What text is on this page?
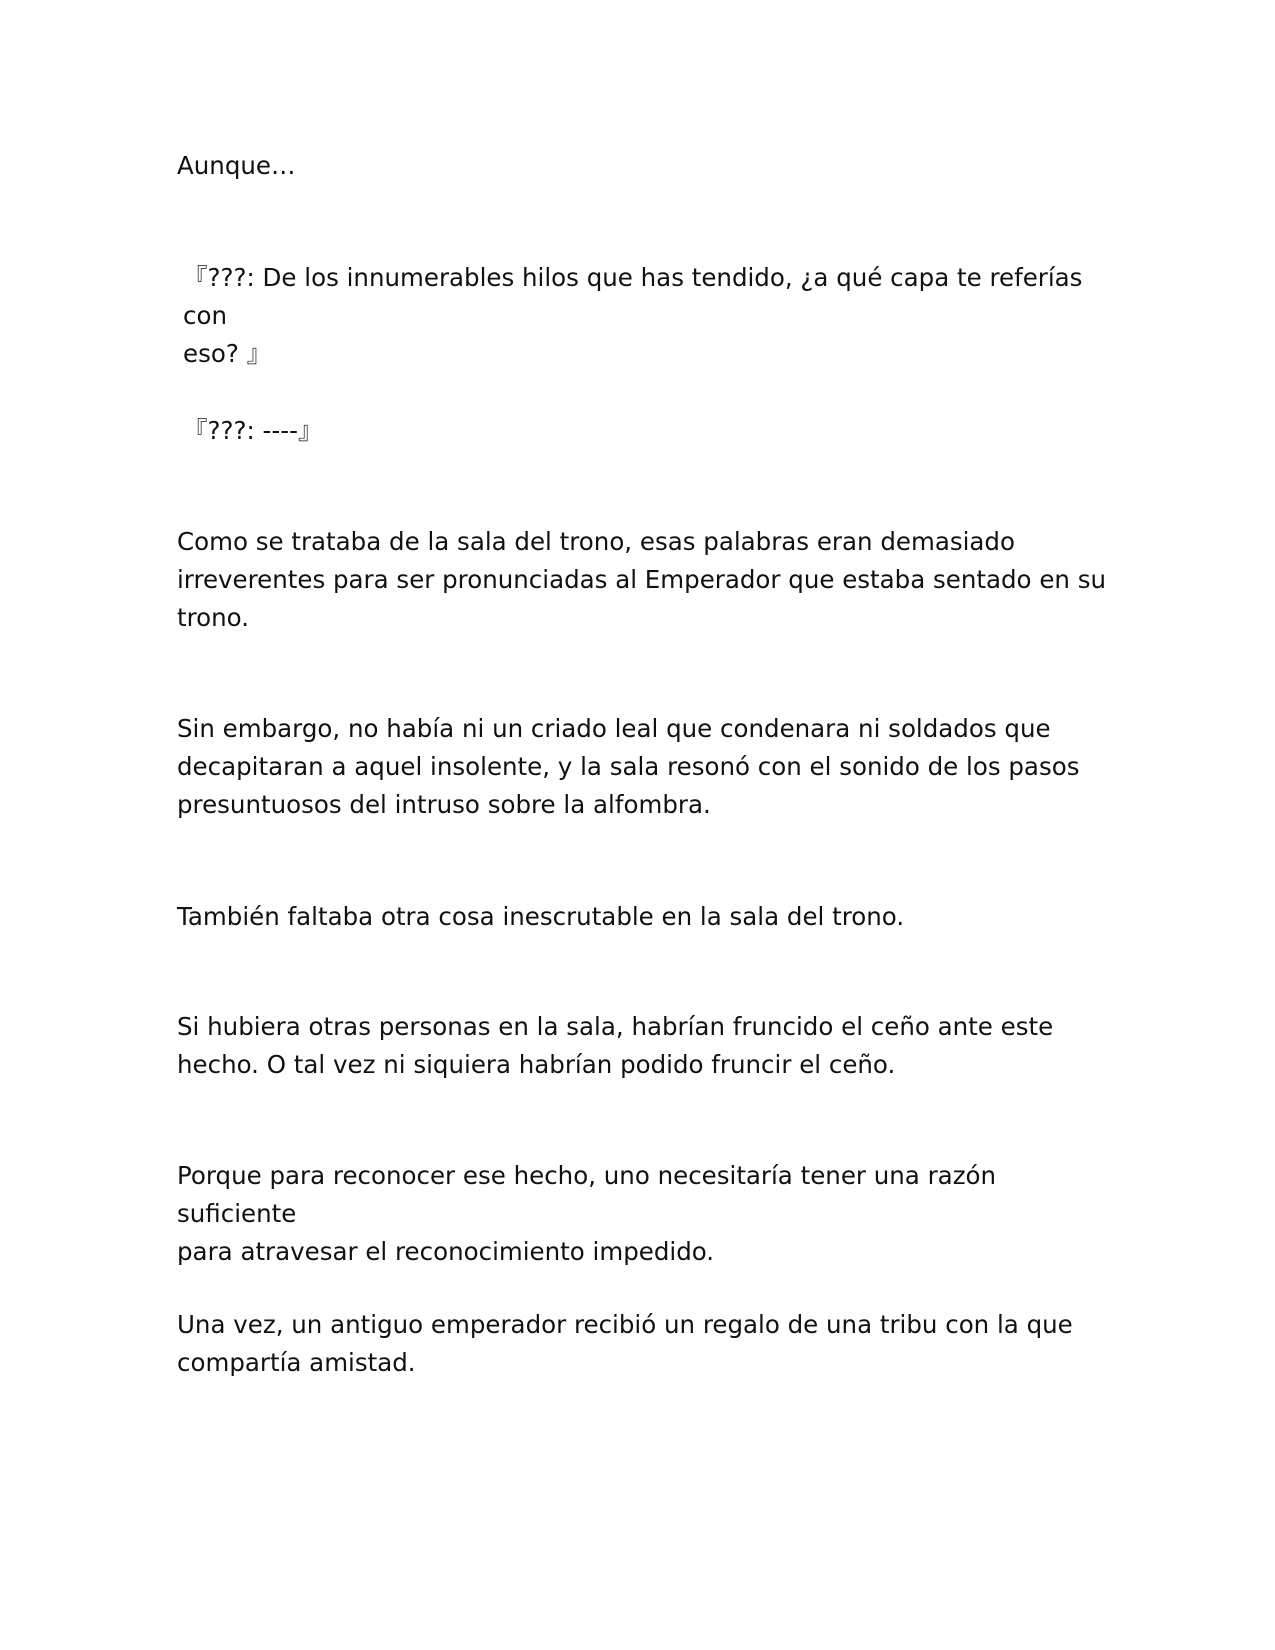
Aunque…

『???: De los innumerables hilos que has tendido, ¿a qué capa te referías con
eso? 』

『???: ----』

Como se trataba de la sala del trono, esas palabras eran demasiado
irreverentes para ser pronunciadas al Emperador que estaba sentado en su
trono.

Sin embargo, no había ni un criado leal que condenara ni soldados que
decapitaran a aquel insolente, y la sala resonó con el sonido de los pasos
presuntuosos del intruso sobre la alfombra.

También faltaba otra cosa inescrutable en la sala del trono.

Si hubiera otras personas en la sala, habrían fruncido el ceño ante este
hecho. O tal vez ni siquiera habrían podido fruncir el ceño.

Porque para reconocer ese hecho, uno necesitaría tener una razón suficiente
para atravesar el reconocimiento impedido.

Una vez, un antiguo emperador recibió un regalo de una tribu con la que
compartía amistad.
